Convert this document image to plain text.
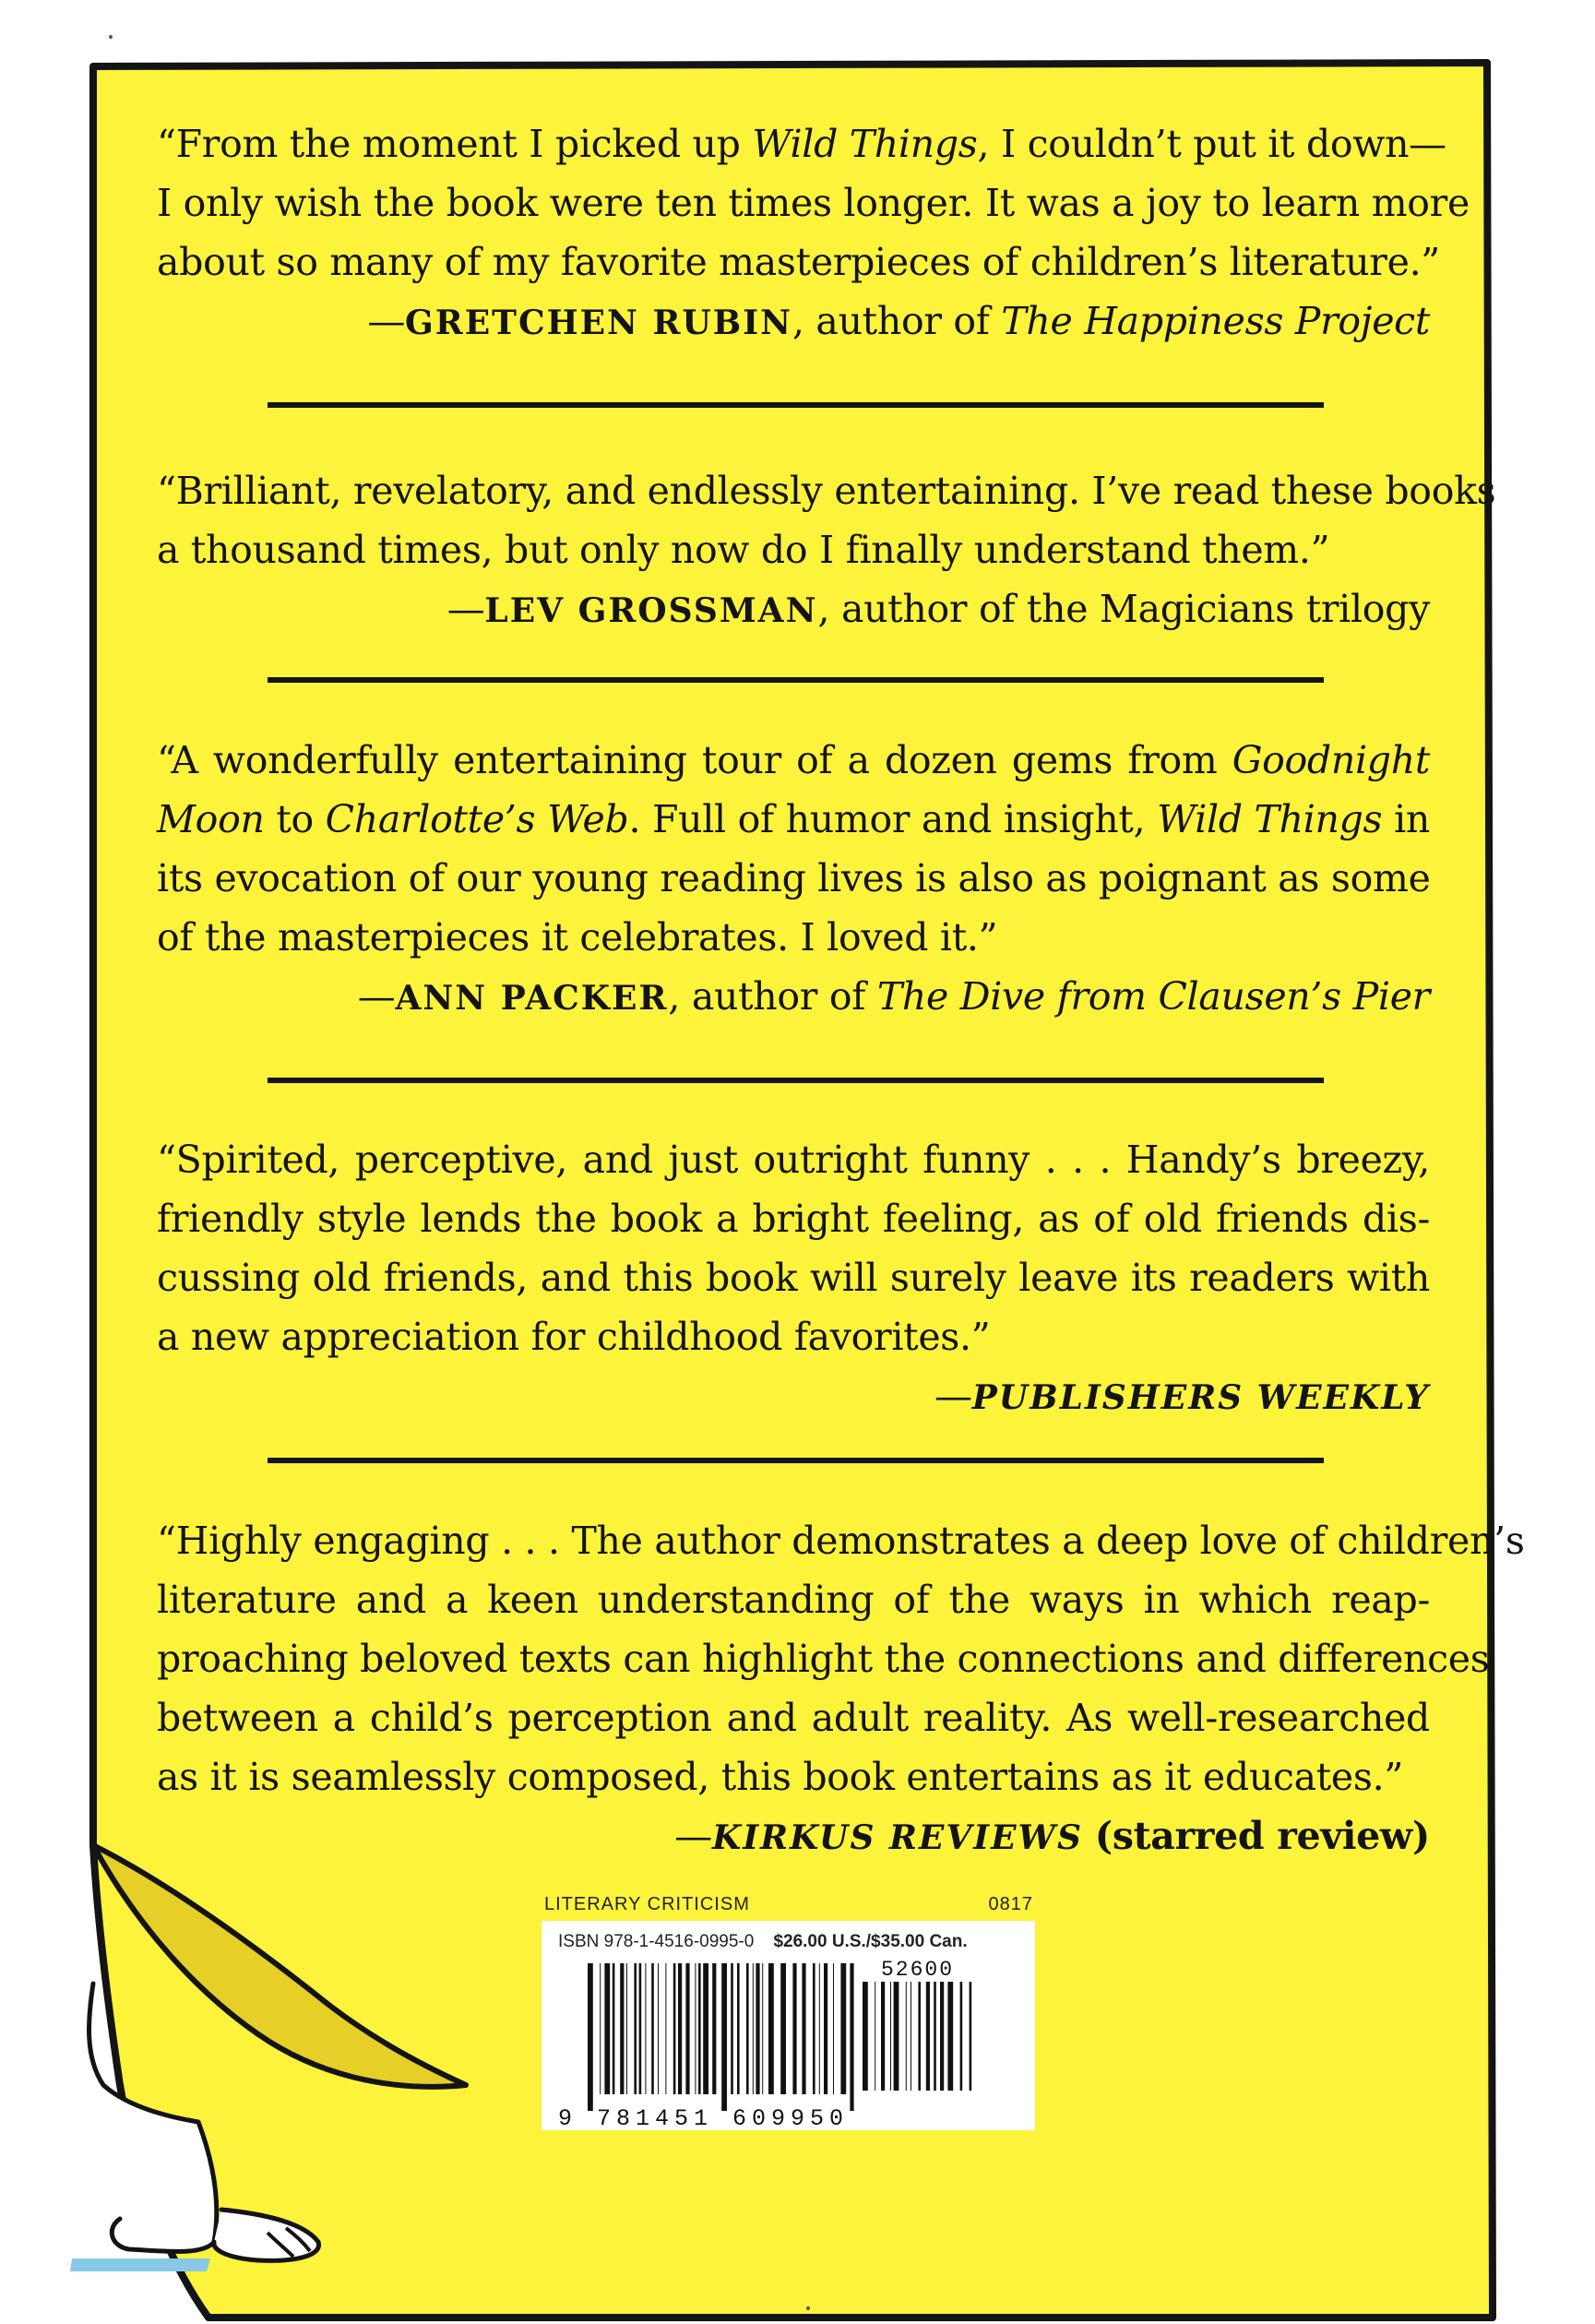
“From the moment I picked up Wild Things, I couldn’t put it down—
I only wish the book were ten times longer. It was a joy to learn more
about so many of my favorite masterpieces of children’s literature.”
—GRETCHEN RUBIN, author of The Happiness Project
“Brilliant, revelatory, and endlessly entertaining. I’ve read these books
a thousand times, but only now do I finally understand them.”
—LEV GROSSMAN, author of the Magicians trilogy
“A wonderfully entertaining tour of a dozen gems from Goodnight
Moon to Charlotte’s Web. Full of humor and insight, Wild Things in
its evocation of our young reading lives is also as poignant as some
of the masterpieces it celebrates. I loved it.”
—ANN PACKER, author of The Dive from Clausen’s Pier
“Spirited, perceptive, and just outright funny . . . Handy’s breezy,
friendly style lends the book a bright feeling, as of old friends dis-
cussing old friends, and this book will surely leave its readers with
a new appreciation for childhood favorites.”
—PUBLISHERS WEEKLY
“Highly engaging . . . The author demonstrates a deep love of children’s
literature and a keen understanding of the ways in which reap-
proaching beloved texts can highlight the connections and differences
between a child’s perception and adult reality. As well-researched
as it is seamlessly composed, this book entertains as it educates.”
—KIRKUS REVIEWS (starred review)
LITERARY CRITICISM	0817
ISBN 978-1-4516-0995-0 $26.00 U.S./$35.00 Can.
52600
9 781451 609950
